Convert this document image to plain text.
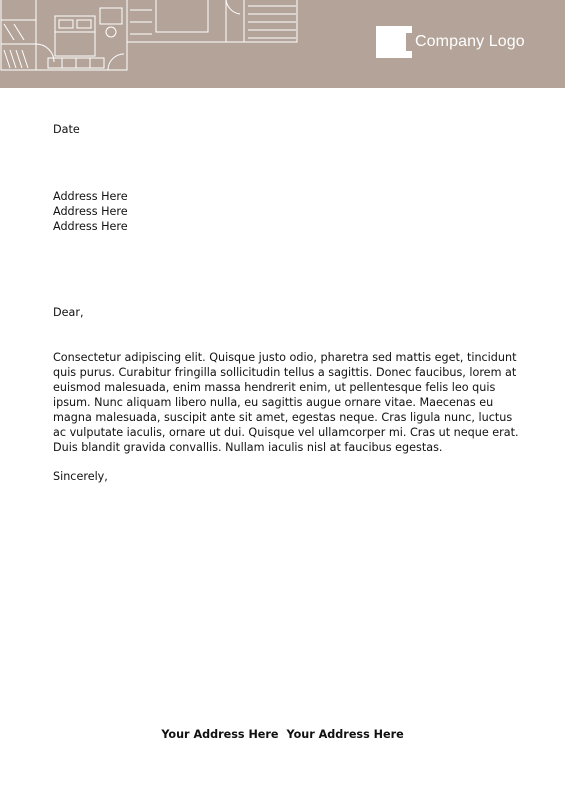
Company Logo
Date
Address Here
Address Here
Address Here
Dear,
Consectetur adipiscing elit. Quisque justo odio, pharetra sed mattis eget, tincidunt quis purus. Curabitur fringilla sollicitudin tellus a sagittis. Donec faucibus, lorem at euismod malesuada, enim massa hendrerit enim, ut pellentesque felis leo quis ipsum. Nunc aliquam libero nulla, eu sagittis augue ornare vitae. Maecenas eu magna malesuada, suscipit ante sit amet, egestas neque. Cras ligula nunc, luctus ac vulputate iaculis, ornare ut dui. Quisque vel ullamcorper mi. Cras ut neque erat. Duis blandit gravida convallis. Nullam iaculis nisl at faucibus egestas.
Sincerely,
Your Address Here Your Address Here
